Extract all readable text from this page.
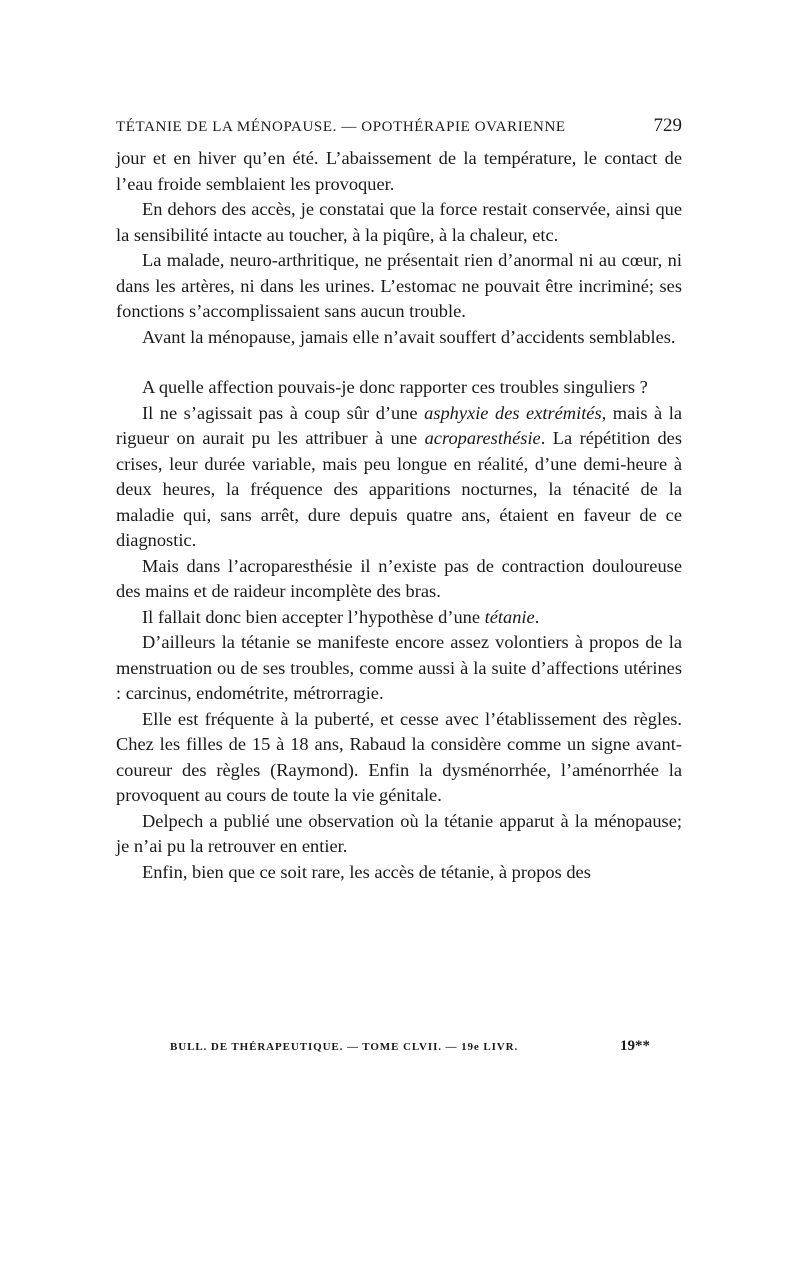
TÉTANIE DE LA MÉNOPAUSE. — OPOTHÉRAPIE OVARIENNE	729

jour et en hiver qu’en été. L’abaissement de la température, le contact de l’eau froide semblaient les provoquer.

En dehors des accès, je constatai que la force restait conservée, ainsi que la sensibilité intacte au toucher, à la piqûre, à la chaleur, etc.

La malade, neuro-arthritique, ne présentait rien d’anormal ni au cœur, ni dans les artères, ni dans les urines. L’estomac ne pouvait être incriminé; ses fonctions s’accomplissaient sans aucun trouble.

Avant la ménopause, jamais elle n’avait souffert d’accidents semblables.

A quelle affection pouvais-je donc rapporter ces troubles singuliers ?

Il ne s’agissait pas à coup sûr d’une asphyxie des extrémités, mais à la rigueur on aurait pu les attribuer à une acroparesthésie. La répétition des crises, leur durée variable, mais peu longue en réalité, d’une demi-heure à deux heures, la fréquence des apparitions nocturnes, la ténacité de la maladie qui, sans arrêt, dure depuis quatre ans, étaient en faveur de ce diagnostic.

Mais dans l’acroparesthésie il n’existe pas de contraction douloureuse des mains et de raideur incomplète des bras.

Il fallait donc bien accepter l’hypothèse d’une tétanie.

D’ailleurs la tétanie se manifeste encore assez volontiers à propos de la menstruation ou de ses troubles, comme aussi à la suite d’affections utérines : carcinus, endométrite, métrorragie.

Elle est fréquente à la puberté, et cesse avec l’établissement des règles. Chez les filles de 15 à 18 ans, Rabaud la considère comme un signe avant-coureur des règles (Raymond). Enfin la dysménorrhée, l’aménorrhée la provoquent au cours de toute la vie génitale.

Delpech a publié une observation où la tétanie apparut à la ménopause; je n’ai pu la retrouver en entier.

Enfin, bien que ce soit rare, les accès de tétanie, à propos des

BULL. DE THÉRAPEUTIQUE. — TOME CLVII. — 19e LIVR.	19**
